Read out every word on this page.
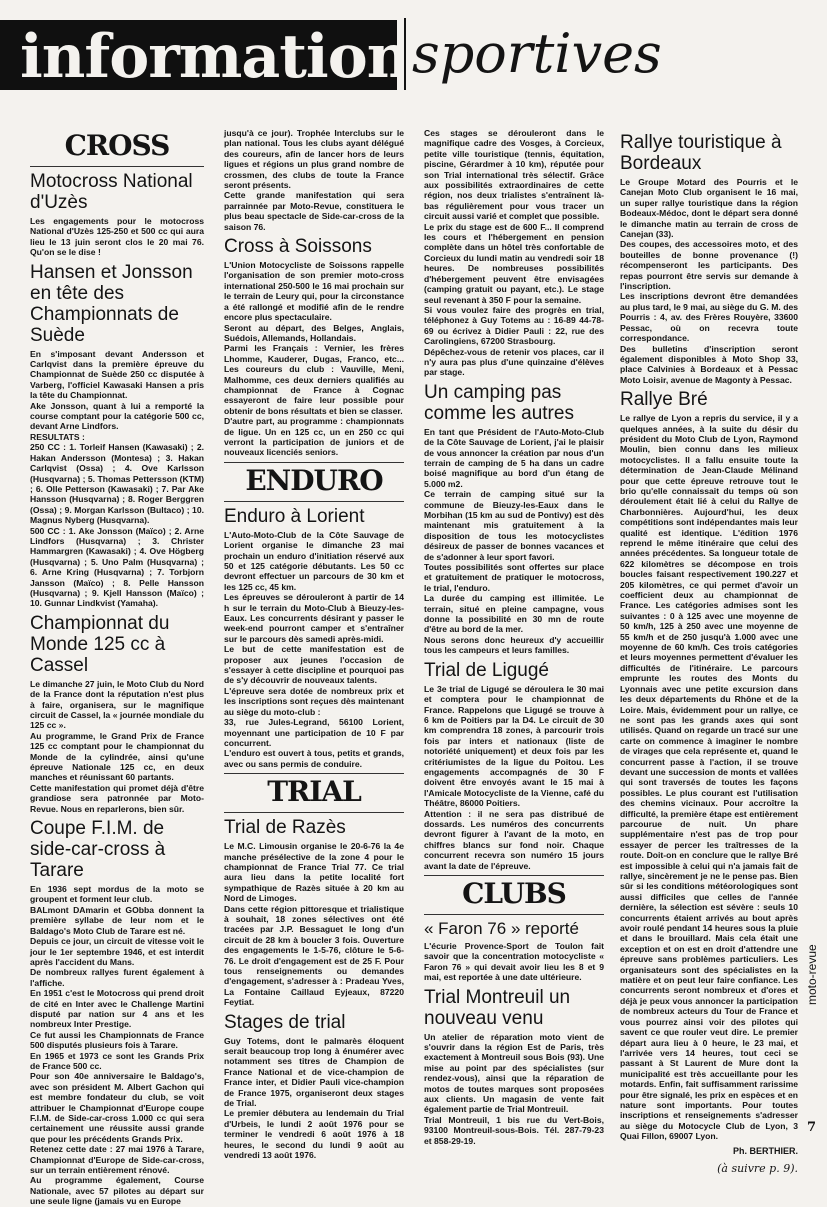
informations
sportives
CROSS
Motocross National d'Uzès
Les engagements pour le motocross National d'Uzès 125-250 et 500 cc qui aura lieu le 13 juin seront clos le 20 mai 76. Qu'on se le dise !
Hansen et Jonsson en tête des Championnats de Suède
En s'imposant devant Andersson et Carlqvist dans la première épreuve du Championnat de Suède 250 cc disputée à Varberg, l'officiel Kawasaki Hansen a pris la tête du Championnat.
Ake Jonsson, quant à lui a remporté la course comptant pour la catégorie 500 cc, devant Arne Lindfors.
RESULTATS :
250 CC : 1. Torleif Hansen (Kawasaki) ; 2. Hakan Andersson (Montesa) ; 3. Hakan Carlqvist (Ossa) ; 4. Ove Karlsson (Husqvarna) ; 5. Thomas Pettersson (KTM) ; 6. Olle Petterson (Kawasaki) ; 7. Par Ake Hansson (Husqvarna) ; 8. Roger Berggren (Ossa) ; 9. Morgan Karlsson (Bultaco) ; 10. Magnus Nyberg (Husqvarna).
500 CC : 1. Ake Jonsson (Maïco) ; 2. Arne Lindfors (Husqvarna) ; 3. Christer Hammargren (Kawasaki) ; 4. Ove Högberg (Husqvarna) ; 5. Uno Palm (Husqvarna) ; 6. Arne Kring (Husqvarna) ; 7. Torbjorn Jansson (Maïco) ; 8. Pelle Hansson (Husqvarna) ; 9. Kjell Hansson (Maïco) ; 10. Gunnar Lindkvist (Yamaha).
Championnat du Monde 125 cc à Cassel
Le dimanche 27 juin, le Moto Club du Nord de la France dont la réputation n'est plus à faire, organisera, sur le magnifique circuit de Cassel, la « journée mondiale du 125 cc ».
Au programme, le Grand Prix de France 125 cc comptant pour le championnat du Monde de la cylindrée, ainsi qu'une épreuve Nationale 125 cc, en deux manches et réunissant 60 partants.
Cette manifestation qui promet déjà d'être grandiose sera patronnée par Moto-Revue. Nous en reparlerons, bien sûr.
Coupe F.I.M. de side-car-cross à Tarare
En 1936 sept mordus de la moto se groupent et forment leur club.
BALmont DAmarin et GObba donnent la première syllabe de leur nom et le Baldago's Moto Club de Tarare est né.
Depuis ce jour, un circuit de vitesse voit le jour le 1er septembre 1946, et est interdit après l'accident du Mans.
De nombreux rallyes furent également à l'affiche.
En 1951 c'est le Motocross qui prend droit de cité en Inter avec le Challenge Martini disputé par nation sur 4 ans et les nombreux Inter Prestige.
Ce fut aussi les Championnats de France 500 disputés plusieurs fois à Tarare.
En 1965 et 1973 ce sont les Grands Prix de France 500 cc.
Pour son 40e anniversaire le Baldago's, avec son président M. Albert Gachon qui est membre fondateur du club, se voit attribuer le Championnat d'Europe coupe F.I.M. de Side-car-cross 1.000 cc qui sera certainement une réussite aussi grande que pour les précédents Grands Prix.
Retenez cette date : 27 mai 1976 à Tarare, Championnat d'Europe de Side-car-cross, sur un terrain entièrement rénové.
Au programme également, Course Nationale, avec 57 pilotes au départ sur une seule ligne (jamais vu en Europe
jusqu'à ce jour). Trophée Interclubs sur le plan national. Tous les clubs ayant délégué des coureurs, afin de lancer hors de leurs ligues et régions un plus grand nombre de crossmen, des clubs de toute la France seront présents.
Cette grande manifestation qui sera parrainnée par Moto-Revue, constituera le plus beau spectacle de Side-car-cross de la saison 76.
Cross à Soissons
L'Union Motocycliste de Soissons rappelle l'organisation de son premier moto-cross international 250-500 le 16 mai prochain sur le terrain de Leury qui, pour la circonstance a été rallongé et modifié afin de le rendre encore plus spectaculaire.
Seront au départ, des Belges, Anglais, Suédois, Allemands, Hollandais.
Parmi les Français : Vernier, les frères Lhomme, Kauderer, Dugas, Franco, etc... Les coureurs du club : Vauville, Meni, Malhomme, ces deux derniers qualifiés au championnat de France à Cognac essayeront de faire leur possible pour obtenir de bons résultats et bien se classer.
D'autre part, au programme : championnats de ligue. Un en 125 cc, un en 250 cc qui verront la participation de juniors et de nouveaux licenciés seniors.
ENDURO
Enduro à Lorient
L'Auto-Moto-Club de la Côte Sauvage de Lorient organise le dimanche 23 mai prochain un enduro d'initiation réservé aux 50 et 125 catégorie débutants. Les 50 cc devront effectuer un parcours de 30 km et les 125 cc, 45 km.
Les épreuves se dérouleront à partir de 14 h sur le terrain du Moto-Club à Bieuzy-les-Eaux. Les concurrents désirant y passer le week-end pourront camper et s'entraîner sur le parcours dès samedi après-midi.
Le but de cette manifestation est de proposer aux jeunes l'occasion de s'essayer à cette discipline et pourquoi pas de s'y découvrir de nouveaux talents.
L'épreuve sera dotée de nombreux prix et les inscriptions sont reçues dès maintenant au siège du moto-club :
33, rue Jules-Legrand, 56100 Lorient, moyennant une participation de 10 F par concurrent.
L'enduro est ouvert à tous, petits et grands, avec ou sans permis de conduire.
TRIAL
Trial de Razès
Le M.C. Limousin organise le 20-6-76 la 4e manche présélective de la zone 4 pour le championnat de France Trial 77. Ce trial aura lieu dans la petite localité fort sympathique de Razès située à 20 km au Nord de Limoges.
Dans cette région pittoresque et trialistique à souhait, 18 zones sélectives ont été tracées par J.P. Bessaguet le long d'un circuit de 28 km à boucler 3 fois. Ouverture des engagements le 1-5-76, clôture le 5-6-76. Le droit d'engagement est de 25 F. Pour tous renseignements ou demandes d'engagement, s'adresser à : Pradeau Yves, La Fontaine Caillaud Eyjeaux, 87220 Feytiat.
Stages de trial
Guy Totems, dont le palmarès éloquent serait beaucoup trop long à énumérer avec notamment ses titres de Champion de France National et de vice-champion de France inter, et Didier Pauli vice-champion de France 1975, organiseront deux stages de Trial.
Le premier débutera au lendemain du Trial d'Urbeis, le lundi 2 août 1976 pour se terminer le vendredi 6 août 1976 à 18 heures, le second du lundi 9 août au vendredi 13 août 1976.
Ces stages se dérouleront dans le magnifique cadre des Vosges, à Corcieux, petite ville touristique (tennis, équitation, piscine, Gérardmer à 10 km), réputée pour son Trial international très sélectif. Grâce aux possibilités extraordinaires de cette région, nos deux trialistes s'entraînent là-bas régulièrement pour vous tracer un circuit aussi varié et complet que possible.
Le prix du stage est de 600 F... Il comprend les cours et l'hébergement en pension complète dans un hôtel très confortable de Corcieux du lundi matin au vendredi soir 18 heures. De nombreuses possibilités d'hébergement peuvent être envisagées (camping gratuit ou payant, etc.). Le stage seul revenant à 350 F pour la semaine.
Si vous voulez faire des progrès en trial, téléphonez à Guy Totems au : 16-89 44-78-69 ou écrivez à Didier Pauli : 22, rue des Carolingiens, 67200 Strasbourg.
Dépêchez-vous de retenir vos places, car il n'y aura pas plus d'une quinzaine d'élèves par stage.
Un camping pas comme les autres
En tant que Président de l'Auto-Moto-Club de la Côte Sauvage de Lorient, j'ai le plaisir de vous annoncer la création par nous d'un terrain de camping de 5 ha dans un cadre boisé magnifique au bord d'un étang de 5.000 m2.
Ce terrain de camping situé sur la commune de Bieuzy-les-Eaux dans le Morbihan (15 km au sud de Pontivy) est dès maintenant mis gratuitement à la disposition de tous les motocyclistes désireux de passer de bonnes vacances et de s'adonner à leur sport favori.
Toutes possibilités sont offertes sur place et gratuitement de pratiquer le motocross, le trial, l'enduro.
La durée du camping est illimitée. Le terrain, situé en pleine campagne, vous donne la possibilité en 30 mn de route d'être au bord de la mer.
Nous serons donc heureux d'y accueillir tous les campeurs et leurs familles.
Trial de Ligugé
Le 3e trial de Ligugé se déroulera le 30 mai et comptera pour le championnat de France. Rappelons que Ligugé se trouve à 6 km de Poitiers par la D4. Le circuit de 30 km comprendra 18 zones, à parcourir trois fois par inters et nationaux (liste de notoriété uniquement) et deux fois par les critériumistes de la ligue du Poitou. Les engagements accompagnés de 30 F doivent être envoyés avant le 15 mai à l'Amicale Motocycliste de la Vienne, café du Théâtre, 86000 Poitiers.
Attention : il ne sera pas distribué de dossards. Les numéros des concurrents devront figurer à l'avant de la moto, en chiffres blancs sur fond noir. Chaque concurrent recevra son numéro 15 jours avant la date de l'épreuve.
CLUBS
« Faron 76 » reporté
L'écurie Provence-Sport de Toulon fait savoir que la concentration motocycliste « Faron 76 » qui devait avoir lieu les 8 et 9 mai, est reportée à une date ultérieure.
Trial Montreuil un nouveau venu
Un atelier de réparation moto vient de s'ouvrir dans la région Est de Paris, très exactement à Montreuil sous Bois (93). Une mise au point par des spécialistes (sur rendez-vous), ainsi que la réparation de motos de toutes marques sont proposées aux clients. Un magasin de vente fait également partie de Trial Montreuil.
Trial Montreuil, 1 bis rue du Vert-Bois, 93100 Montreuil-sous-Bois. Tél. 287-79-23 et 858-29-19.
Rallye touristique à Bordeaux
Le Groupe Motard des Pourris et le Canejan Moto Club organisent le 16 mai, un super rallye touristique dans la région Bodeaux-Médoc, dont le départ sera donné le dimanche matin au terrain de cross de Canejan (33).
Des coupes, des accessoires moto, et des bouteilles de bonne provenance (!) récompenseront les participants. Des repas pourront être servis sur demande à l'inscription.
Les inscriptions devront être demandées au plus tard, le 9 mai, au siège du G. M. des Pourris : 4, av. des Frères Rouyère, 33600 Pessac, où on recevra toute correspondance.
Des bulletins d'inscription seront également disponibles à Moto Shop 33, place Calvinies à Bordeaux et à Pessac Moto Loisir, avenue de Magonty à Pessac.
Rallye Bré
Le rallye de Lyon a repris du service, il y a quelques années, à la suite du désir du président du Moto Club de Lyon, Raymond Moulin, bien connu dans les milieux motocyclistes. Il a fallu ensuite toute la détermination de Jean-Claude Mélinand pour que cette épreuve retrouve tout le brio qu'elle connaissait du temps où son déroulement était lié à celui du Rallye de Charbonnières. Aujourd'hui, les deux compétitions sont indépendantes mais leur qualité est identique. L'édition 1976 reprend le même itinéraire que celui des années précédentes. Sa longueur totale de 622 kilomètres se décompose en trois boucles faisant respectivement 190.227 et 205 kilomètres, ce qui permet d'avoir un coefficient deux au championnat de France. Les catégories admises sont les suivantes : 0 à 125 avec une moyenne de 50 km/h, 125 à 250 avec une moyenne de 55 km/h et de 250 jusqu'à 1.000 avec une moyenne de 60 km/h. Ces trois catégories et leurs moyennes permettent d'évaluer les difficultés de l'itinéraire. Le parcours emprunte les routes des Monts du Lyonnais avec une petite excursion dans les deux départements du Rhône et de la Loire. Mais, évidemment pour un rallye, ce ne sont pas les grands axes qui sont utilisés. Quand on regarde un tracé sur une carte on commence à imaginer le nombre de virages que cela représente et, quand le concurrent passe à l'action, il se trouve devant une succession de monts et vallées qui sont traversés de toutes les façons possibles. Le plus courant est l'utilisation des chemins vicinaux. Pour accroître la difficulté, la première étape est entièrement parcourue de nuit. Un phare supplémentaire n'est pas de trop pour essayer de percer les traîtresses de la route. Doit-on en conclure que le rallye Bré est impossible à celui qui n'a jamais fait de rallye, sincèrement je ne le pense pas. Bien sûr si les conditions météorologiques sont aussi difficiles que celles de l'année dernière, la sélection est sévère : seuls 10 concurrents étaient arrivés au bout après avoir roulé pendant 14 heures sous la pluie et dans le brouillard. Mais cela était une exception et on est en droit d'attendre une épreuve sans problèmes particuliers. Les organisateurs sont des spécialistes en la matière et on peut leur faire confiance. Les concurrents seront nombreux et d'ores et déjà je peux vous annoncer la participation de nombreux acteurs du Tour de France et vous pourrez ainsi voir des pilotes qui savent ce que rouler veut dire. Le premier départ aura lieu à 0 heure, le 23 mai, et l'arrivée vers 14 heures, tout ceci se passant à St Laurent de Mure dont la municipalité est très accueillante pour les motards. Enfin, fait suffisamment rarissime pour être signalé, les prix en espèces et en nature sont importants. Pour toutes inscriptions et renseignements s'adresser au siège du Motocycle Club de Lyon, 3 Quai Fillon, 69007 Lyon.
Ph. BERTHIER.
(à suivre p. 9).
moto-revue
7
